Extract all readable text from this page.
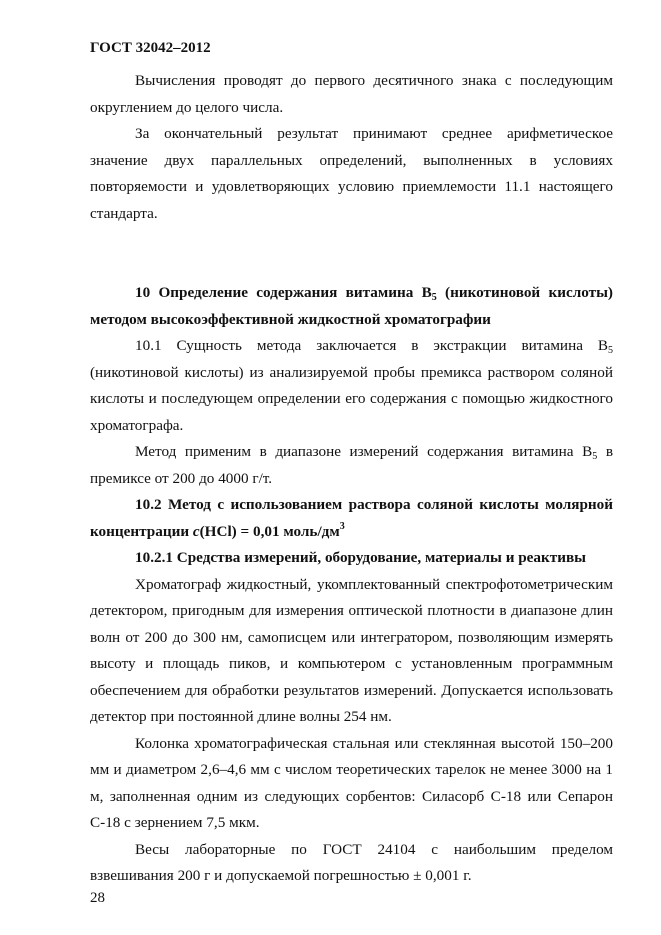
ГОСТ 32042–2012

Вычисления проводят до первого десятичного знака с последующим округлением до целого числа.

За окончательный результат принимают среднее арифметическое значение двух параллельных определений, выполненных в условиях повторяемости и удовлетворяющих условию приемлемости 11.1 настоящего стандарта.

10 Определение содержания витамина $В_5$ (никотиновой кислоты) методом высокоэффективной жидкостной хроматографии

10.1 Сущность метода заключается в экстракции витамина $В_5$ (никотиновой кислоты) из анализируемой пробы премикса раствором соляной кислоты и последующем определении его содержания с помощью жидкостного хроматографа.

Метод применим в диапазоне измерений содержания витамина $В_5$ в премиксе от 200 до 4000 г/т.

10.2 Метод с использованием раствора соляной кислоты молярной концентрации с(HCl) = 0,01 моль/$дм^3$

10.2.1 Средства измерений, оборудование, материалы и реактивы

Хроматограф жидкостный, укомплектованный спектрофотометрическим детектором, пригодным для измерения оптической плотности в диапазоне длин волн от 200 до 300 нм, самописцем или интегратором, позволяющим измерять высоту и площадь пиков, и компьютером с установленным программным обеспечением для обработки результатов измерений. Допускается использовать детектор при постоянной длине волны 254 нм.

Колонка хроматографическая стальная или стеклянная высотой 150–200 мм и диаметром 2,6–4,6 мм с числом теоретических тарелок не менее 3000 на 1 м, заполненная одним из следующих сорбентов: Силасорб С-18 или Сепарон С-18 с зернением 7,5 мкм.

Весы лабораторные по ГОСТ 24104 с наибольшим пределом взвешивания 200 г и допускаемой погрешностью ± 0,001 г.

28
